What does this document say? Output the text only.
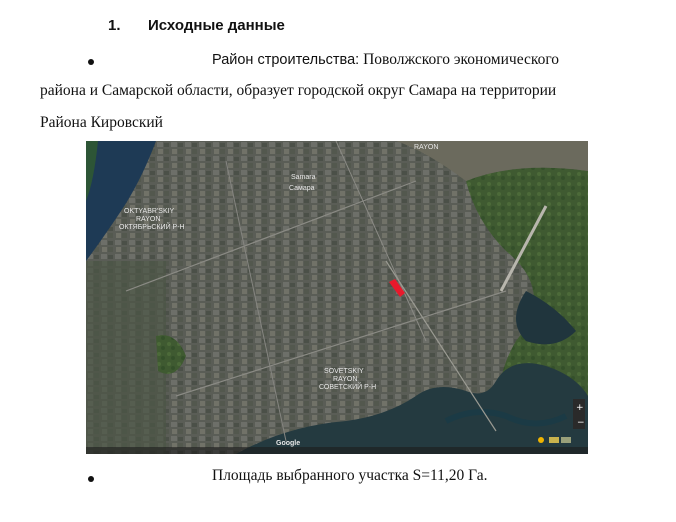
1. Исходные данные
Район строительства: Поволжского экономического
района и Самарской области, образует городской округ Самара на территории
Района Кировский
Samara
Самара
OKTYABR'SKIY
RAYON
ОКТЯБРЬСКИЙ Р-Н
SOVETSKIY
RAYON
СОВЕТСКИЙ Р-Н
RAYON
Google
+
−
Площадь выбранного участка S=11,20 Га.
